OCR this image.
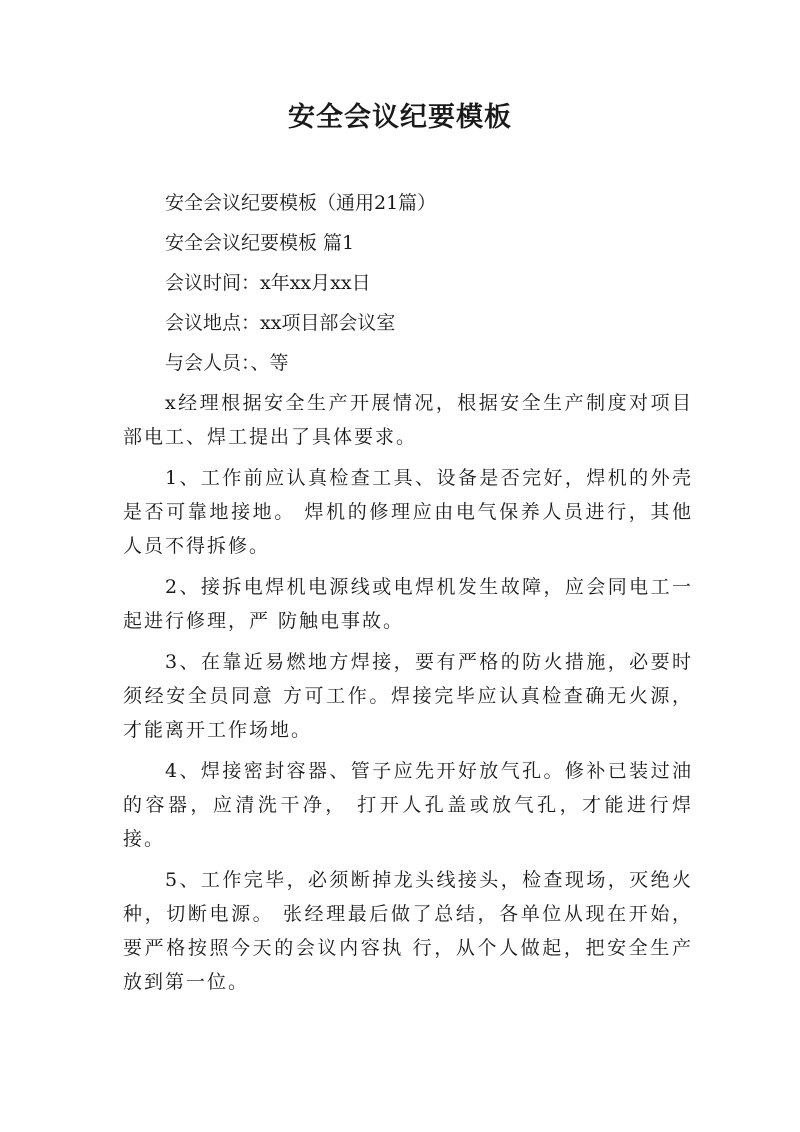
安全会议纪要模板

安全会议纪要模板（通用21篇）

安全会议纪要模板 篇1

会议时间：x年xx月xx日

会议地点：xx项目部会议室

与会人员：、等

x经理根据安全生产开展情况，根据安全生产制度对项目部电工、焊工提出了具体要求。

1、工作前应认真检查工具、设备是否完好，焊机的外壳是否可靠地接地。 焊机的修理应由电气保养人员进行，其他人员不得拆修。

2、接拆电焊机电源线或电焊机发生故障，应会同电工一起进行修理，严 防触电事故。

3、在靠近易燃地方焊接，要有严格的防火措施，必要时须经安全员同意 方可工作。焊接完毕应认真检查确无火源，才能离开工作场地。

4、焊接密封容器、管子应先开好放气孔。修补已装过油的容器，应清洗干净， 打开人孔盖或放气孔，才能进行焊接。

5、工作完毕，必须断掉龙头线接头，检查现场，灭绝火种，切断电源。 张经理最后做了总结，各单位从现在开始，要严格按照今天的会议内容执 行，从个人做起，把安全生产放到第一位。
